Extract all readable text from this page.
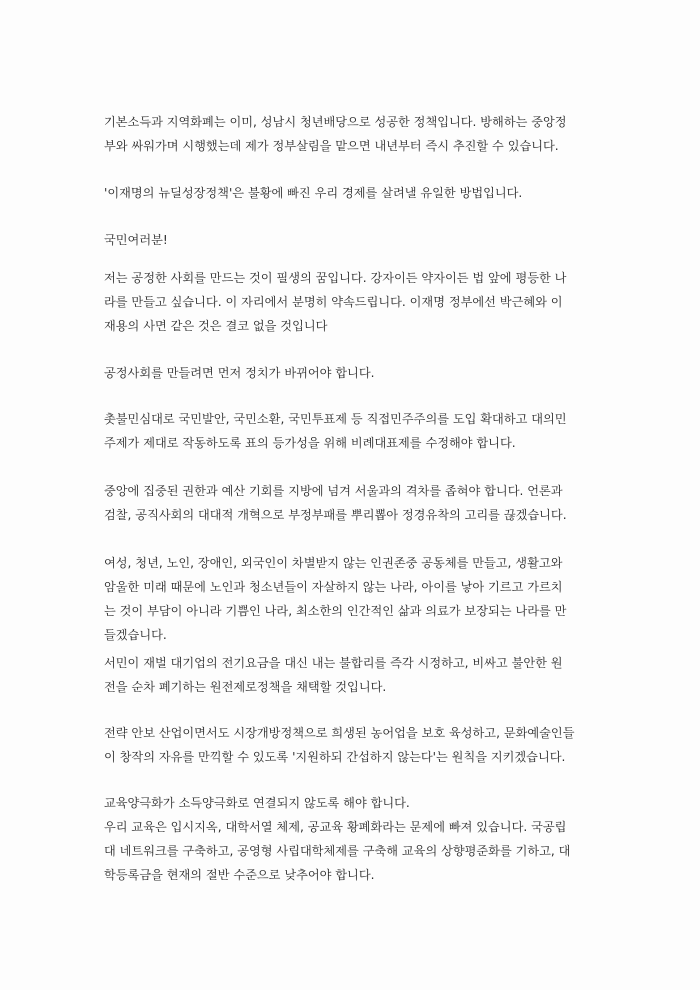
기본소득과 지역화폐는 이미, 성남시 청년배당으로 성공한 정책입니다. 방해하는 중앙정
부와 싸워가며 시행했는데 제가 정부살림을 맡으면 내년부터 즉시 추진할 수 있습니다.

'이재명의 뉴딜성장정책'은 불황에 빠진 우리 경제를 살려낼 유일한 방법입니다.

국민여러분!

저는 공정한 사회를 만드는 것이 필생의 꿈입니다. 강자이든 약자이든 법 앞에 평등한 나
라를 만들고 싶습니다. 이 자리에서 분명히 약속드립니다. 이재명 정부에선 박근혜와 이
재용의 사면 같은 것은 결코 없을 것입니다

공정사회를 만들려면 먼저 정치가 바뀌어야 합니다.

촛불민심대로 국민발안, 국민소환, 국민투표제 등 직접민주주의를 도입 확대하고 대의민
주제가 제대로 작동하도록 표의 등가성을 위해 비례대표제를 수정해야 합니다.

중앙에 집중된 권한과 예산 기회를 지방에 넘겨 서울과의 격차를 좁혀야 합니다. 언론과
검찰, 공직사회의 대대적 개혁으로 부정부패를 뿌리뽑아 정경유착의 고리를 끊겠습니다.

여성, 청년, 노인, 장애인, 외국인이 차별받지 않는 인권존중 공동체를 만들고, 생활고와
암울한 미래 때문에 노인과 청소년들이 자살하지 않는 나라, 아이를 낳아 기르고 가르치
는 것이 부담이 아니라 기쁨인 나라, 최소한의 인간적인 삶과 의료가 보장되는 나라를 만
들겠습니다.

서민이 재벌 대기업의 전기요금을 대신 내는 불합리를 즉각 시정하고, 비싸고 불안한 원
전을 순차 폐기하는 원전제로정책을 채택할 것입니다.

전략 안보 산업이면서도 시장개방정책으로 희생된 농어업을 보호 육성하고, 문화예술인들
이 창작의 자유를 만끽할 수 있도록 '지원하되 간섭하지 않는다'는 원칙을 지키겠습니다.

교육양극화가 소득양극화로 연결되지 않도록 해야 합니다.
우리 교육은 입시지옥, 대학서열 체제, 공교육 황폐화라는 문제에 빠져 있습니다. 국공립
대 네트워크를 구축하고, 공영형 사립대학체제를 구축해 교육의 상향평준화를 기하고, 대
학등록금을 현재의 절반 수준으로 낮추어야 합니다.
